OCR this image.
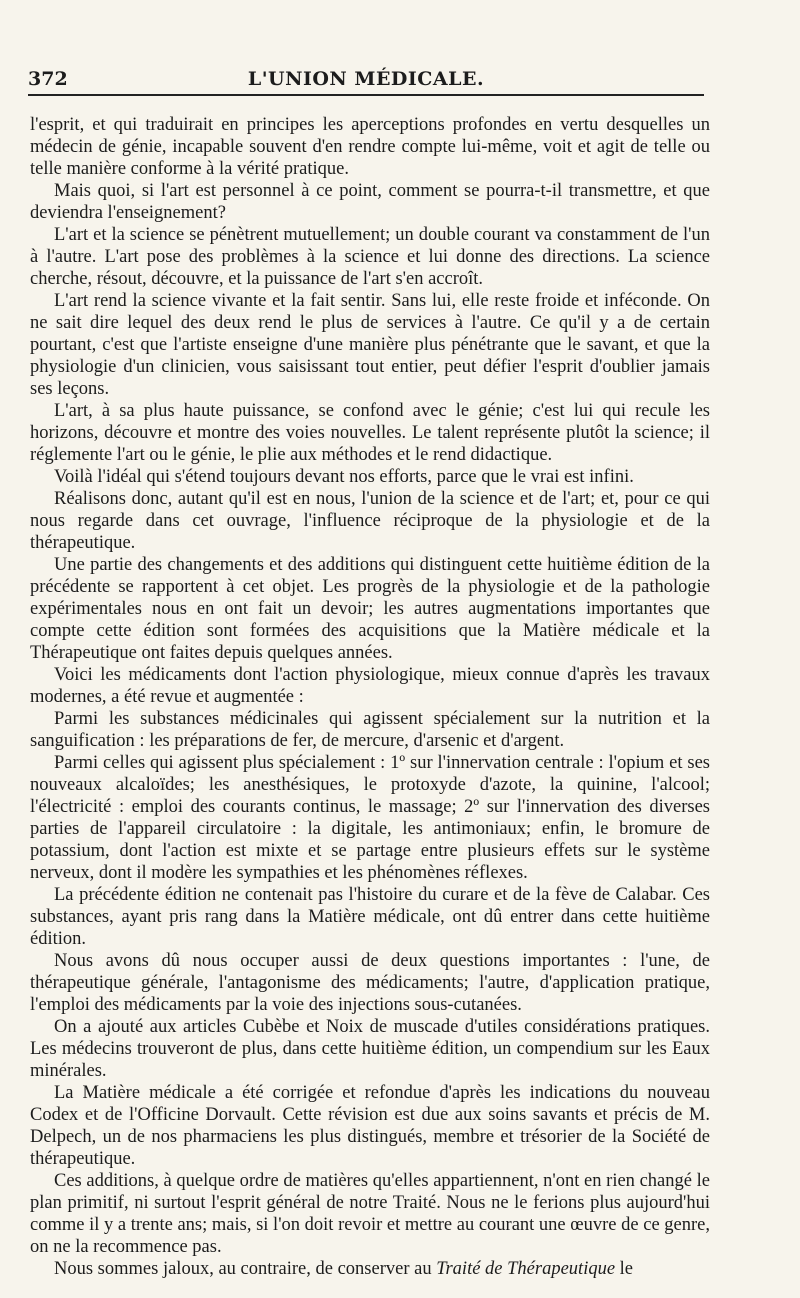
372	L'UNION MÉDICALE.

l'esprit, et qui traduirait en principes les aperceptions profondes en vertu desquelles un médecin de génie, incapable souvent d'en rendre compte lui-même, voit et agit de telle ou telle manière conforme à la vérité pratique.

Mais quoi, si l'art est personnel à ce point, comment se pourra-t-il transmettre, et que deviendra l'enseignement?

L'art et la science se pénètrent mutuellement; un double courant va constamment de l'un à l'autre. L'art pose des problèmes à la science et lui donne des directions. La science cherche, résout, découvre, et la puissance de l'art s'en accroît.

L'art rend la science vivante et la fait sentir. Sans lui, elle reste froide et inféconde. On ne sait dire lequel des deux rend le plus de services à l'autre. Ce qu'il y a de certain pourtant, c'est que l'artiste enseigne d'une manière plus pénétrante que le savant, et que la physiologie d'un clinicien, vous saisissant tout entier, peut défier l'esprit d'oublier jamais ses leçons.

L'art, à sa plus haute puissance, se confond avec le génie; c'est lui qui recule les horizons, découvre et montre des voies nouvelles. Le talent représente plutôt la science; il réglemente l'art ou le génie, le plie aux méthodes et le rend didactique.

Voilà l'idéal qui s'étend toujours devant nos efforts, parce que le vrai est infini.

Réalisons donc, autant qu'il est en nous, l'union de la science et de l'art; et, pour ce qui nous regarde dans cet ouvrage, l'influence réciproque de la physiologie et de la thérapeutique.

Une partie des changements et des additions qui distinguent cette huitième édition de la précédente se rapportent à cet objet. Les progrès de la physiologie et de la pathologie expérimentales nous en ont fait un devoir; les autres augmentations importantes que compte cette édition sont formées des acquisitions que la Matière médicale et la Thérapeutique ont faites depuis quelques années.

Voici les médicaments dont l'action physiologique, mieux connue d'après les travaux modernes, a été revue et augmentée :

Parmi les substances médicinales qui agissent spécialement sur la nutrition et la sanguification : les préparations de fer, de mercure, d'arsenic et d'argent.

Parmi celles qui agissent plus spécialement : 1º sur l'innervation centrale : l'opium et ses nouveaux alcaloïdes; les anesthésiques, le protoxyde d'azote, la quinine, l'alcool; l'électricité : emploi des courants continus, le massage; 2º sur l'innervation des diverses parties de l'appareil circulatoire : la digitale, les antimoniaux; enfin, le bromure de potassium, dont l'action est mixte et se partage entre plusieurs effets sur le système nerveux, dont il modère les sympathies et les phénomènes réflexes.

La précédente édition ne contenait pas l'histoire du curare et de la fève de Calabar. Ces substances, ayant pris rang dans la Matière médicale, ont dû entrer dans cette huitième édition.

Nous avons dû nous occuper aussi de deux questions importantes : l'une, de thérapeutique générale, l'antagonisme des médicaments; l'autre, d'application pratique, l'emploi des médicaments par la voie des injections sous-cutanées.

On a ajouté aux articles Cubèbe et Noix de muscade d'utiles considérations pratiques. Les médecins trouveront de plus, dans cette huitième édition, un compendium sur les Eaux minérales.

La Matière médicale a été corrigée et refondue d'après les indications du nouveau Codex et de l'Officine Dorvault. Cette révision est due aux soins savants et précis de M. Delpech, un de nos pharmaciens les plus distingués, membre et trésorier de la Société de thérapeutique.

Ces additions, à quelque ordre de matières qu'elles appartiennent, n'ont en rien changé le plan primitif, ni surtout l'esprit général de notre Traité. Nous ne le ferions plus aujourd'hui comme il y a trente ans; mais, si l'on doit revoir et mettre au courant une œuvre de ce genre, on ne la recommence pas.

Nous sommes jaloux, au contraire, de conserver au Traité de Thérapeutique le
